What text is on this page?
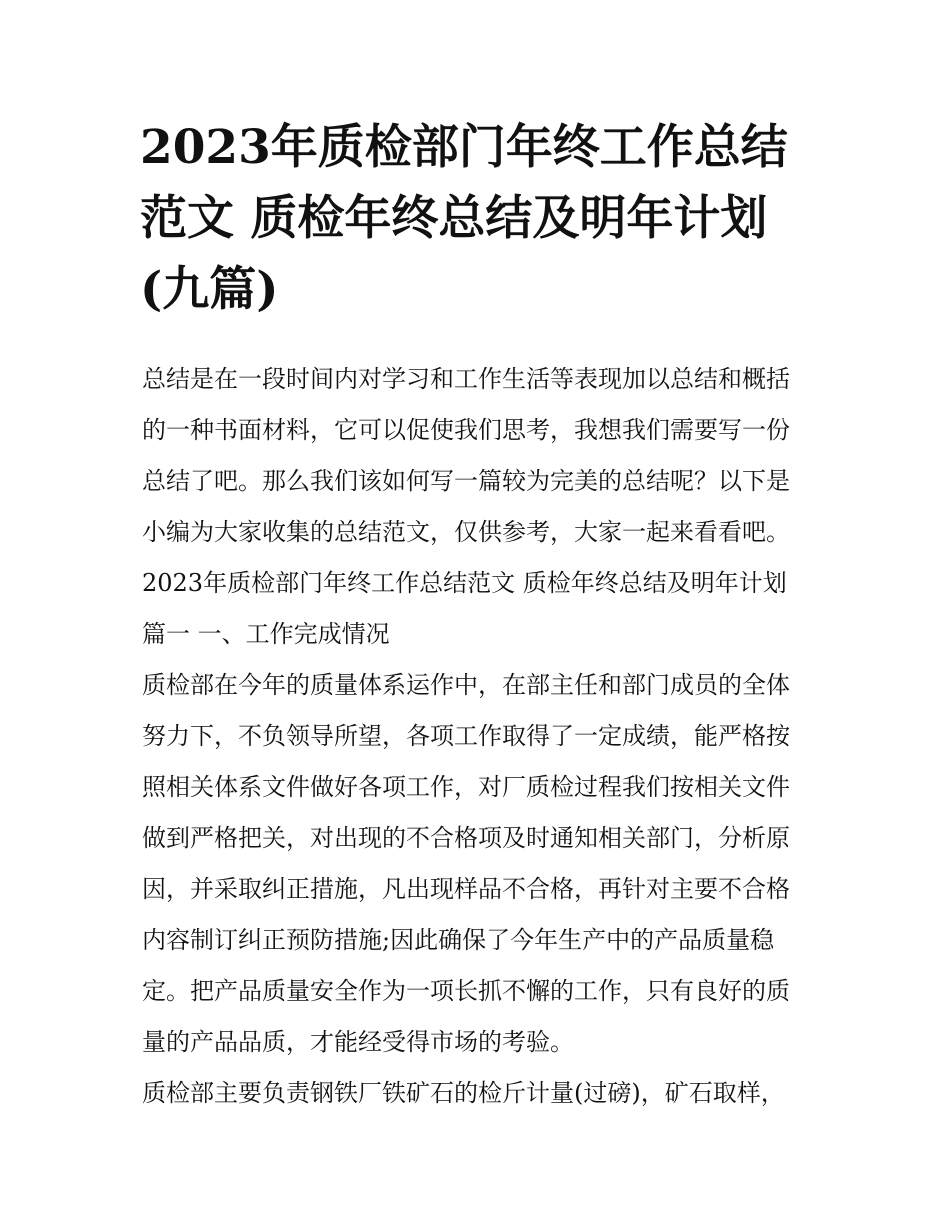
2023年质检部门年终工作总结
范文 质检年终总结及明年计划
(九篇)
总结是在一段时间内对学习和工作生活等表现加以总结和概括
的一种书面材料，它可以促使我们思考，我想我们需要写一份
总结了吧。那么我们该如何写一篇较为完美的总结呢？以下是
小编为大家收集的总结范文，仅供参考，大家一起来看看吧。
2023年质检部门年终工作总结范文 质检年终总结及明年计划
篇一 一、工作完成情况
质检部在今年的质量体系运作中，在部主任和部门成员的全体
努力下，不负领导所望，各项工作取得了一定成绩，能严格按
照相关体系文件做好各项工作，对厂质检过程我们按相关文件
做到严格把关，对出现的不合格项及时通知相关部门，分析原
因，并采取纠正措施，凡出现样品不合格，再针对主要不合格
内容制订纠正预防措施;因此确保了今年生产中的产品质量稳
定。把产品质量安全作为一项长抓不懈的工作，只有良好的质
量的产品品质，才能经受得市场的考验。
质检部主要负责钢铁厂铁矿石的检斤计量(过磅)，矿石取样，
